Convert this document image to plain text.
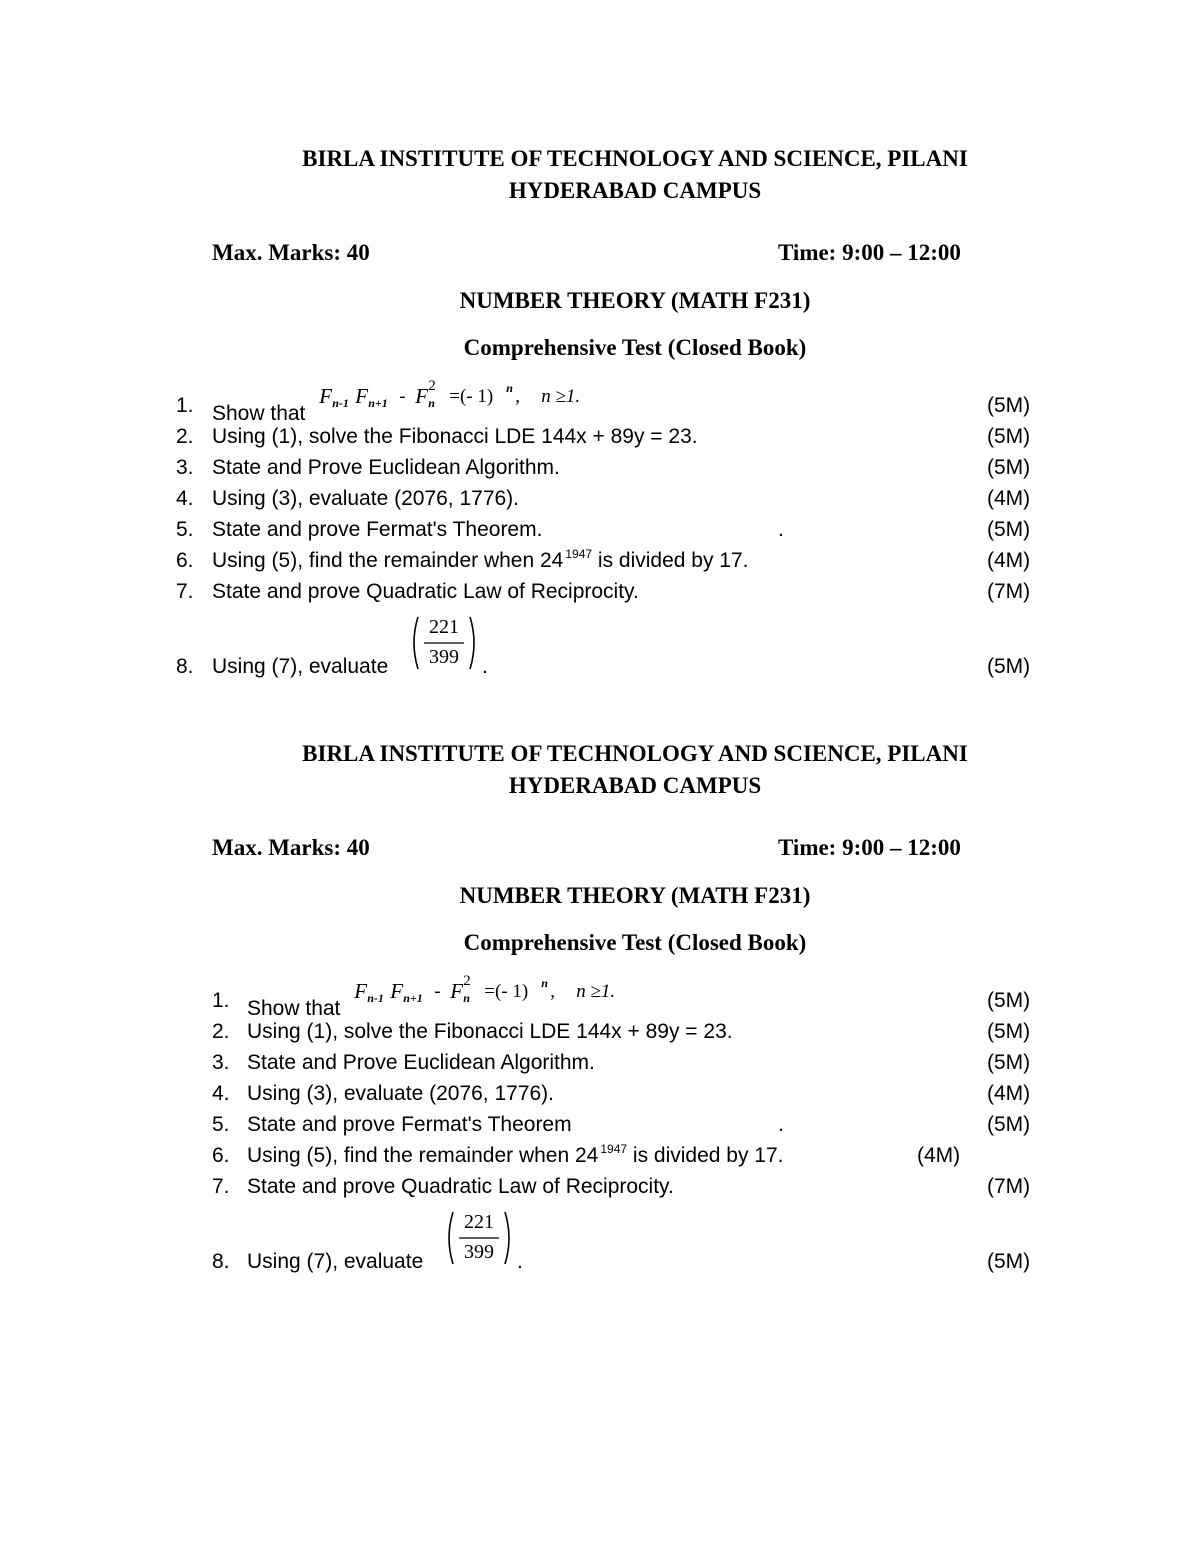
BIRLA INSTITUTE OF TECHNOLOGY AND SCIENCE, PILANI
HYDERABAD CAMPUS
Max. Marks: 40	Time: 9:00 – 12:00
NUMBER THEORY (MATH F231)
Comprehensive Test (Closed Book)
1. Show that
F n-1 F n+1 - F n
2 =(- 1) n , n ≥1.	(5M)
2. Using (1), solve the Fibonacci LDE 144x + 89y = 23.	(5M)
3. State and Prove Euclidean Algorithm.	(5M)
4. Using (3), evaluate (2076, 1776).	(4M)
5. State and prove Fermat's Theorem.	.	(5M)
6. Using (5), find the remainder when 24 $^{1947}$ is divided by 17.	(4M)
7. State and prove Quadratic Law of Reciprocity.	(7M)
8. Using (7), evaluate
221
399	.	(5M)
BIRLA INSTITUTE OF TECHNOLOGY AND SCIENCE, PILANI
HYDERABAD CAMPUS
Max. Marks: 40	Time: 9:00 – 12:00
NUMBER THEORY (MATH F231)
Comprehensive Test (Closed Book)
1. Show that
F n-1 F n+1 - F n
2 =(- 1) n , n ≥1.	(5M)
2. Using (1), solve the Fibonacci LDE 144x + 89y = 23.	(5M)
3. State and Prove Euclidean Algorithm.	(5M)
4. Using (3), evaluate (2076, 1776).	(4M)
5. State and prove Fermat's Theorem	.	(5M)
6. Using (5), find the remainder when 24 $^{1947}$ is divided by 17.	(4M)
7. State and prove Quadratic Law of Reciprocity.	(7M)
8. Using (7), evaluate
221
399	.	(5M)
